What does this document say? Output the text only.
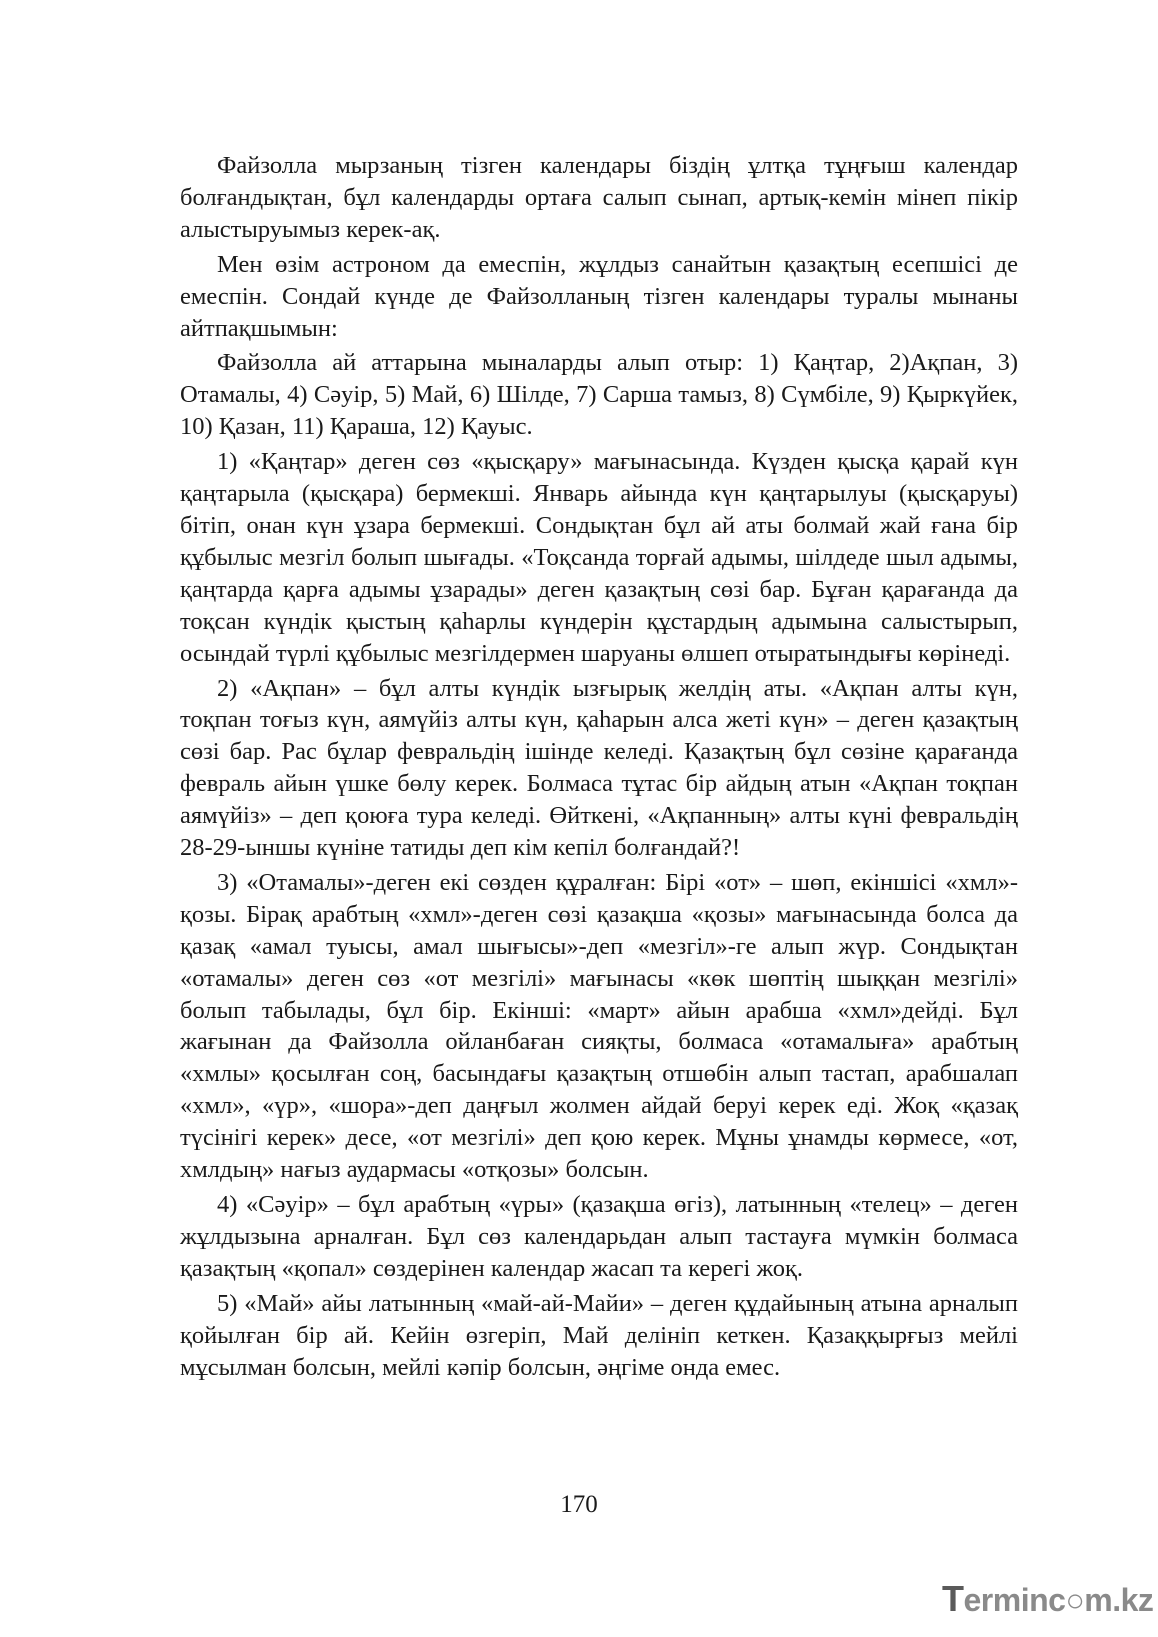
Файзолла мырзаның тізген календары біздің ұлтқа тұңғыш календар болғандықтан, бұл календарды ортаға салып сынап, артық-кемін мінеп пікір алыстыруымыз керек-ақ.

Мен өзім астроном да емеспін, жұлдыз санайтын қазақтың есепшісі де емеспін. Сондай күнде де Файзолланың тізген календары туралы мынаны айтпақшымын:

Файзолла ай аттарына мыналарды алып отыр: 1) Қаңтар, 2)Ақпан, 3) Отамалы, 4) Сәуір, 5) Май, 6) Шілде, 7) Сарша тамыз, 8) Сүмбіле, 9) Қыркүйек, 10) Қазан, 11) Қараша, 12) Қауыс.

1) «Қаңтар» деген сөз «қысқару» мағынасында. Күзден қысқа қарай күн қаңтарыла (қысқара) бермекші. Январь айында күн қаңтарылуы (қысқаруы) бітіп, онан күн ұзара бермекші. Сондықтан бұл ай аты болмай жай ғана бір құбылыс мезгіл болып шығады. «Тоқсанда торғай адымы, шілдеде шыл адымы, қаңтарда қарға адымы ұзарады» деген қазақтың сөзі бар. Бұған қарағанда да тоқсан күндік қыстың қаһарлы күндерін құстардың адымына салыстырып, осындай түрлі құбылыс мезгілдермен шаруаны өлшеп отыратындығы көрінеді.

2) «Ақпан» – бұл алты күндік ызғырық желдің аты. «Ақпан алты күн, тоқпан тоғыз күн, аямүйіз алты күн, қаһарын алса жеті күн» – деген қазақтың сөзі бар. Рас бұлар февральдің ішінде келеді. Қазақтың бұл сөзіне қарағанда февраль айын үшке бөлу керек. Болмаса тұтас бір айдың атын «Ақпан тоқпан аямүйіз» – деп қоюға тура келеді. Өйткені, «Ақпанның» алты күні февральдің 28-29-ыншы күніне татиды деп кім кепіл болғандай?!

3) «Отамалы»-деген екі сөзден құралған: Бірі «от» – шөп, екіншісі «хмл»-қозы. Бірақ арабтың «хмл»-деген сөзі қазақша «қозы» мағынасында болса да қазақ «амал туысы, амал шығысы»-деп «мезгіл»-ге алып жүр. Сондықтан «отамалы» деген сөз «от мезгілі» мағынасы «көк шөптің шыққан мезгілі» болып табылады, бұл бір. Екінші: «март» айын арабша «хмл»дейді. Бұл жағынан да Файзолла ойланбаған сияқты, болмаса «отамалыға» арабтың «хмлы» қосылған соң, басындағы қазақтың отшөбін алып тастап, арабшалап «хмл», «үр», «шора»-деп даңғыл жолмен айдай беруі керек еді. Жоқ «қазақ түсінігі керек» десе, «от мезгілі» деп қою керек. Мұны ұнамды көрмесе, «от, хмлдың» нағыз аудармасы «отқозы» болсын.

4) «Сәуір» – бұл арабтың «үры» (қазақша өгіз), латынның «телец» – деген жұлдызына арналған. Бұл сөз календарьдан алып тастауға мүмкін болмаса қазақтың «қопал» сөздерінен календар жасап та керегі жоқ.

5) «Май» айы латынның «май-ай-Майи» – деген құдайының атына арналып қойылған бір ай. Кейін өзгеріп, Май делініп кеткен. Қазаққырғыз мейлі мұсылман болсын, мейлі кәпір болсын, әңгіме онда емес.

170
Terminc○m.kz
